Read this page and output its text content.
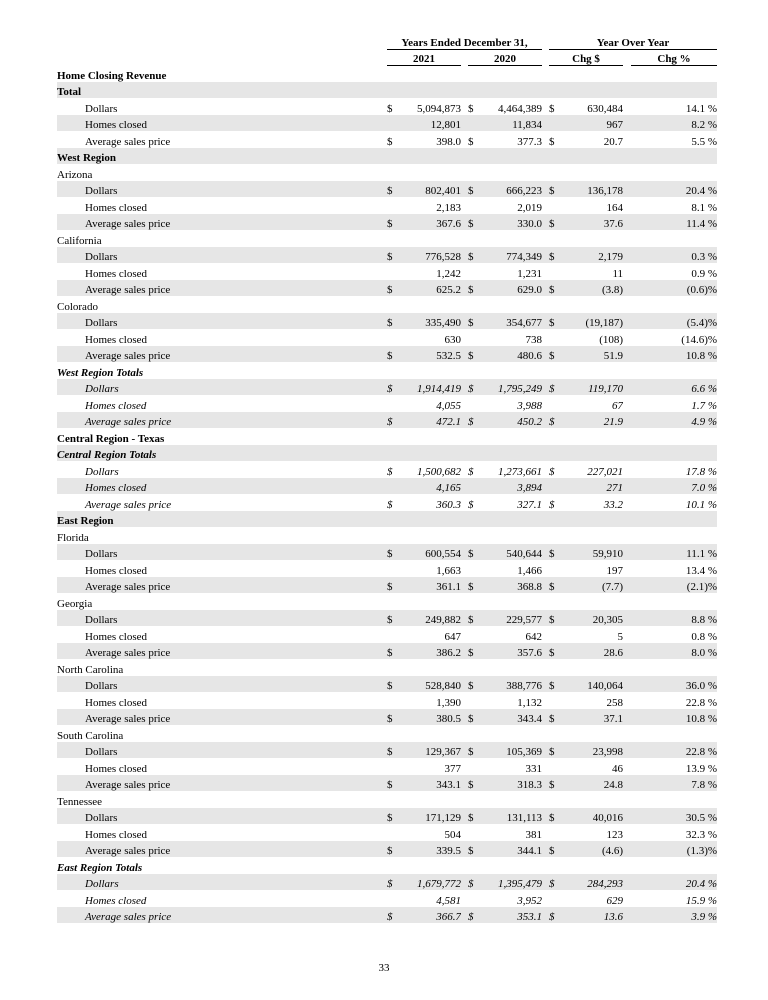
	Years Ended December 31,						Year Over Year			
	2021			2020			Chg $			Chg %
Home Closing Revenue										
Total										
Dollars	$	5,094,873		$	4,464,389		$	630,484		14.1 %
Homes closed		12,801			11,834			967		8.2 %
Average sales price	$	398.0		$	377.3		$	20.7		5.5 %
West Region										
Arizona										
Dollars	$	802,401		$	666,223		$	136,178		20.4 %
Homes closed		2,183			2,019			164		8.1 %
Average sales price	$	367.6		$	330.0		$	37.6		11.4 %
California										
Dollars	$	776,528		$	774,349		$	2,179		0.3 %
Homes closed		1,242			1,231			11		0.9 %
Average sales price	$	625.2		$	629.0		$	(3.8)		(0.6)%
Colorado										
Dollars	$	335,490		$	354,677		$	(19,187)		(5.4)%
Homes closed		630			738			(108)		(14.6)%
Average sales price	$	532.5		$	480.6		$	51.9		10.8 %
West Region Totals										
Dollars	$	1,914,419		$	1,795,249		$	119,170		6.6 %
Homes closed		4,055			3,988			67		1.7 %
Average sales price	$	472.1		$	450.2		$	21.9		4.9 %
Central Region - Texas										
Central Region Totals										
Dollars	$	1,500,682		$	1,273,661		$	227,021		17.8 %
Homes closed		4,165			3,894			271		7.0 %
Average sales price	$	360.3		$	327.1		$	33.2		10.1 %
East Region										
Florida										
Dollars	$	600,554		$	540,644		$	59,910		11.1 %
Homes closed		1,663			1,466			197		13.4 %
Average sales price	$	361.1		$	368.8		$	(7.7)		(2.1)%
Georgia										
Dollars	$	249,882		$	229,577		$	20,305		8.8 %
Homes closed		647			642			5		0.8 %
Average sales price	$	386.2		$	357.6		$	28.6		8.0 %
North Carolina										
Dollars	$	528,840		$	388,776		$	140,064		36.0 %
Homes closed		1,390			1,132			258		22.8 %
Average sales price	$	380.5		$	343.4		$	37.1		10.8 %
South Carolina										
Dollars	$	129,367		$	105,369		$	23,998		22.8 %
Homes closed		377			331			46		13.9 %
Average sales price	$	343.1		$	318.3		$	24.8		7.8 %
Tennessee										
Dollars	$	171,129		$	131,113		$	40,016		30.5 %
Homes closed		504			381			123		32.3 %
Average sales price	$	339.5		$	344.1		$	(4.6)		(1.3)%
East Region Totals										
Dollars	$	1,679,772		$	1,395,479		$	284,293		20.4 %
Homes closed		4,581			3,952			629		15.9 %
Average sales price	$	366.7		$	353.1		$	13.6		3.9 %
33
